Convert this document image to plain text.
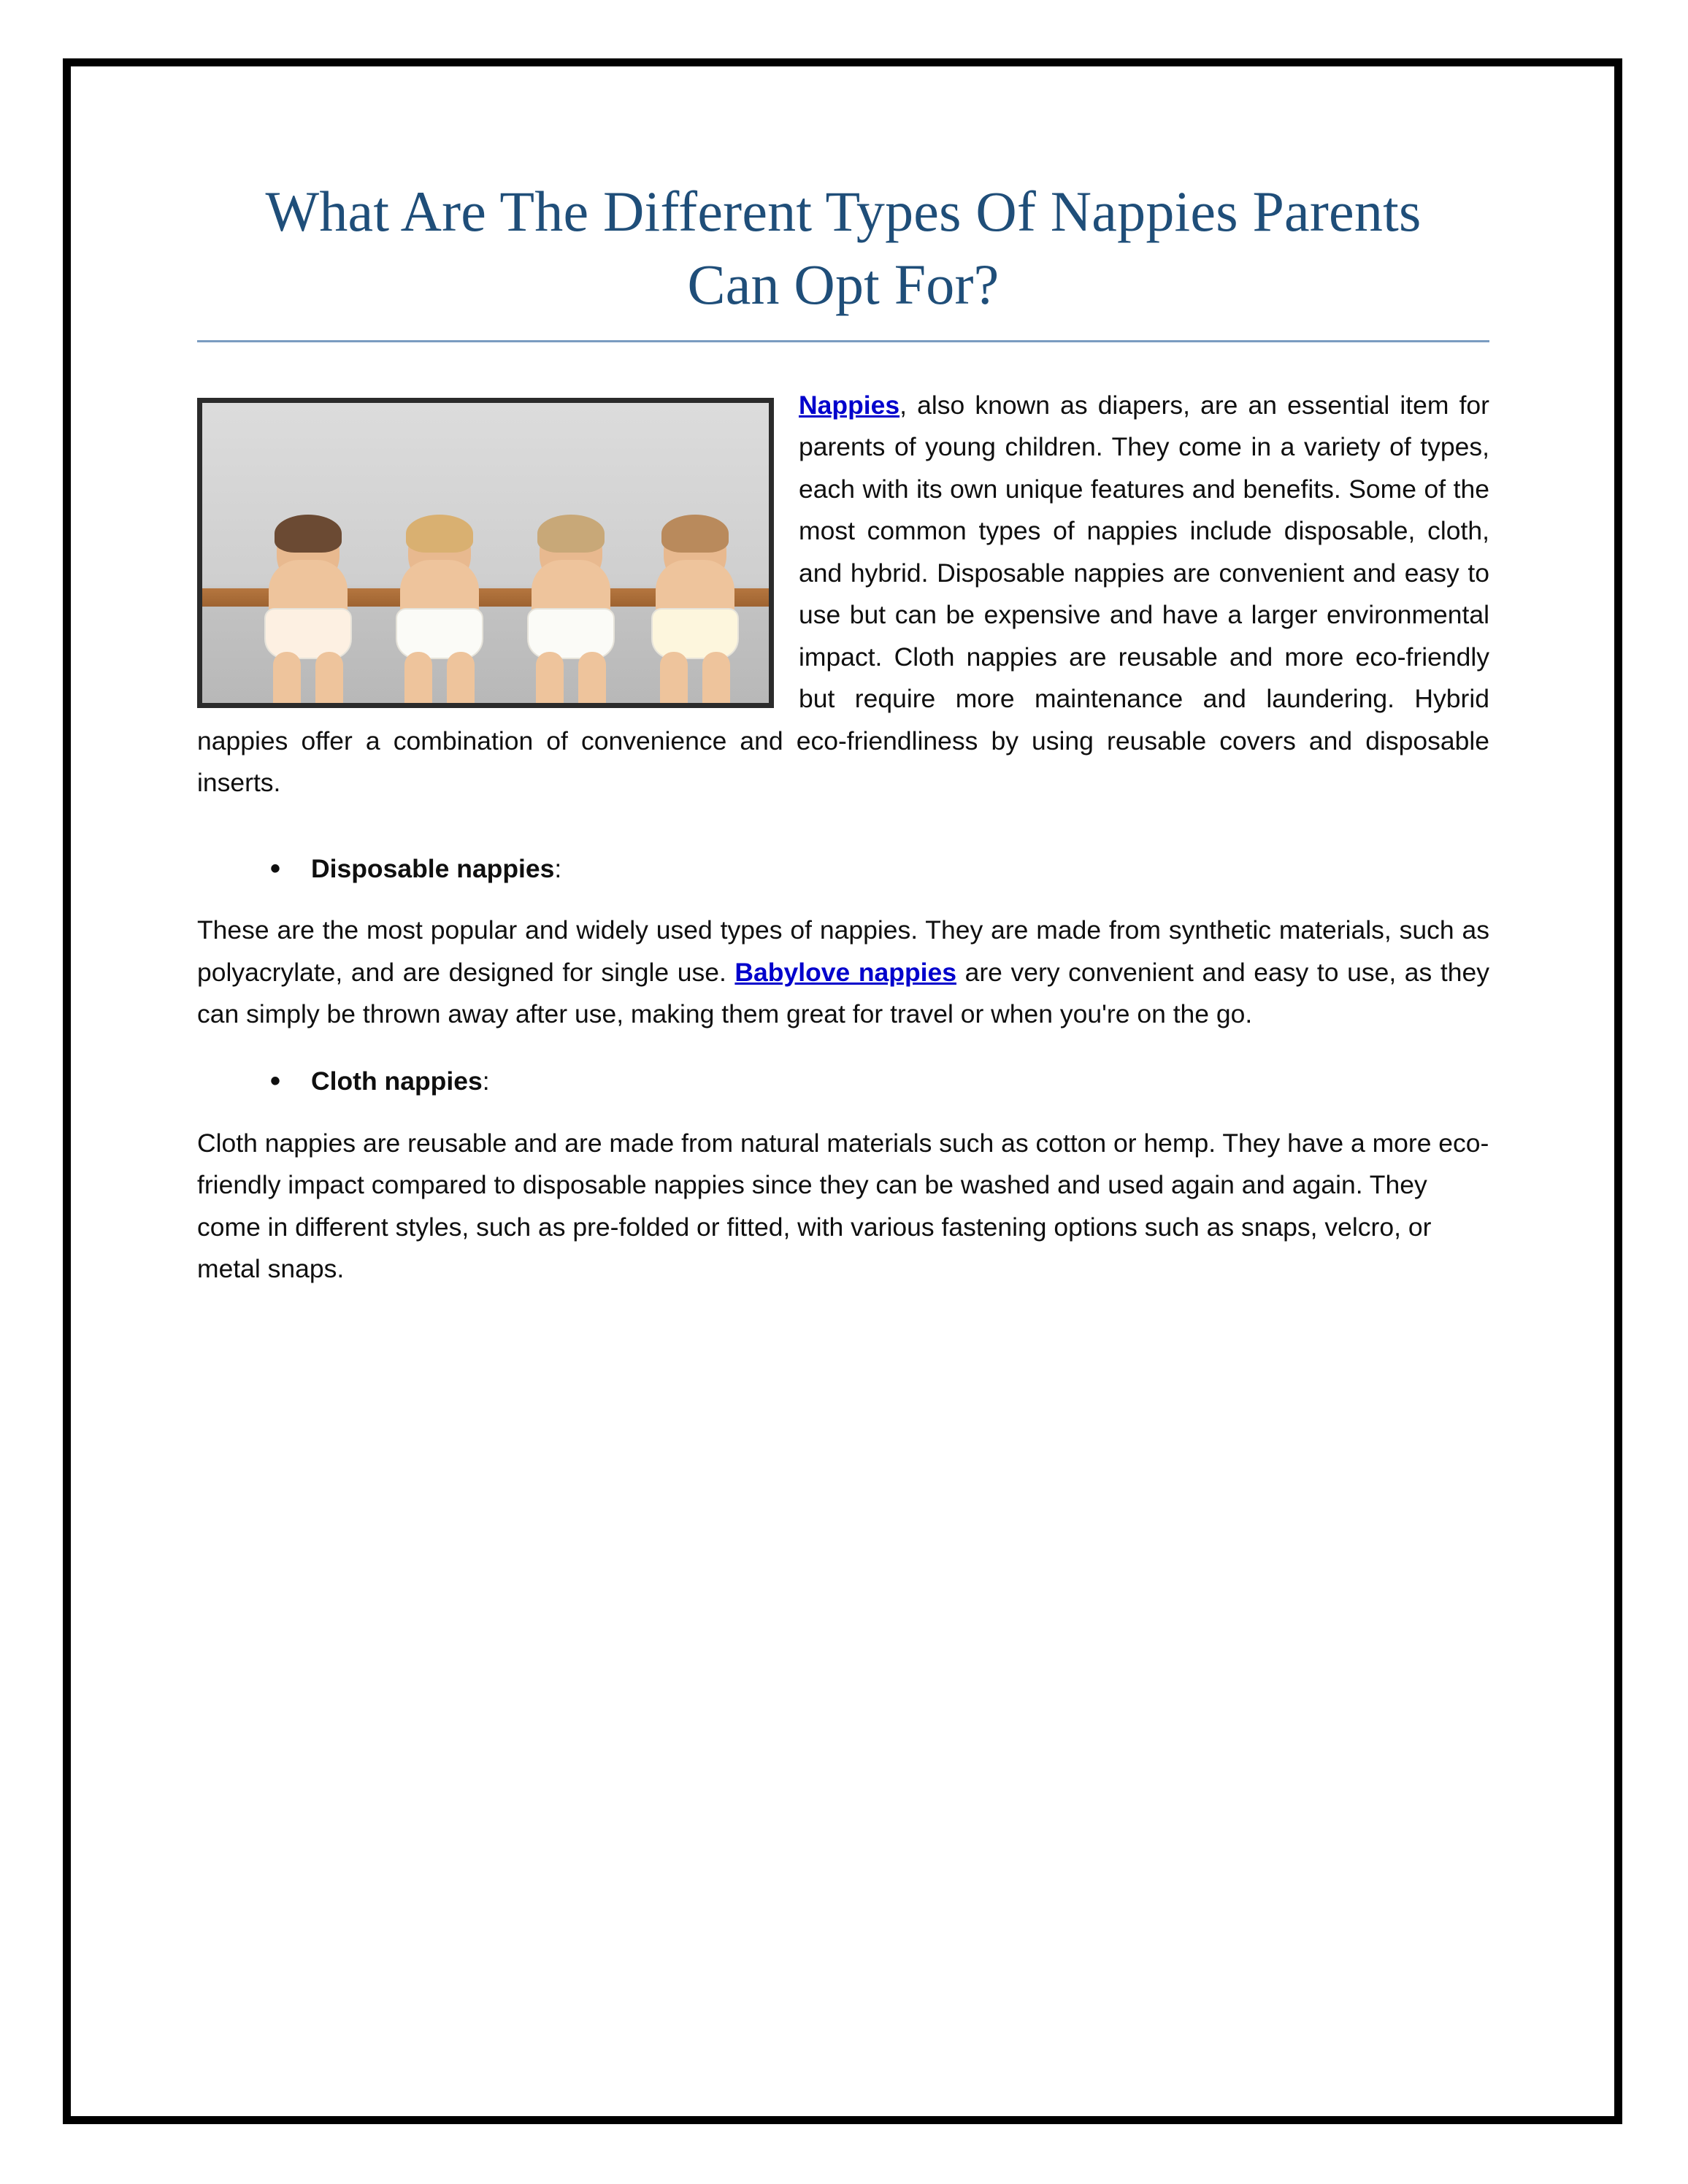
What Are The Different Types Of Nappies Parents Can Opt For?

Nappies, also known as diapers, are an essential item for parents of young children. They come in a variety of types, each with its own unique features and benefits. Some of the most common types of nappies include disposable, cloth, and hybrid. Disposable nappies are convenient and easy to use but can be expensive and have a larger environmental impact. Cloth nappies are reusable and more eco-friendly but require more maintenance and laundering. Hybrid nappies offer a combination of convenience and eco-friendliness by using reusable covers and disposable inserts.

• Disposable nappies:

These are the most popular and widely used types of nappies. They are made from synthetic materials, such as polyacrylate, and are designed for single use. Babylove nappies are very convenient and easy to use, as they can simply be thrown away after use, making them great for travel or when you're on the go.

• Cloth nappies:

Cloth nappies are reusable and are made from natural materials such as cotton or hemp. They have a more eco-friendly impact compared to disposable nappies since they can be washed and used again and again. They come in different styles, such as pre-folded or fitted, with various fastening options such as snaps, velcro, or metal snaps.
